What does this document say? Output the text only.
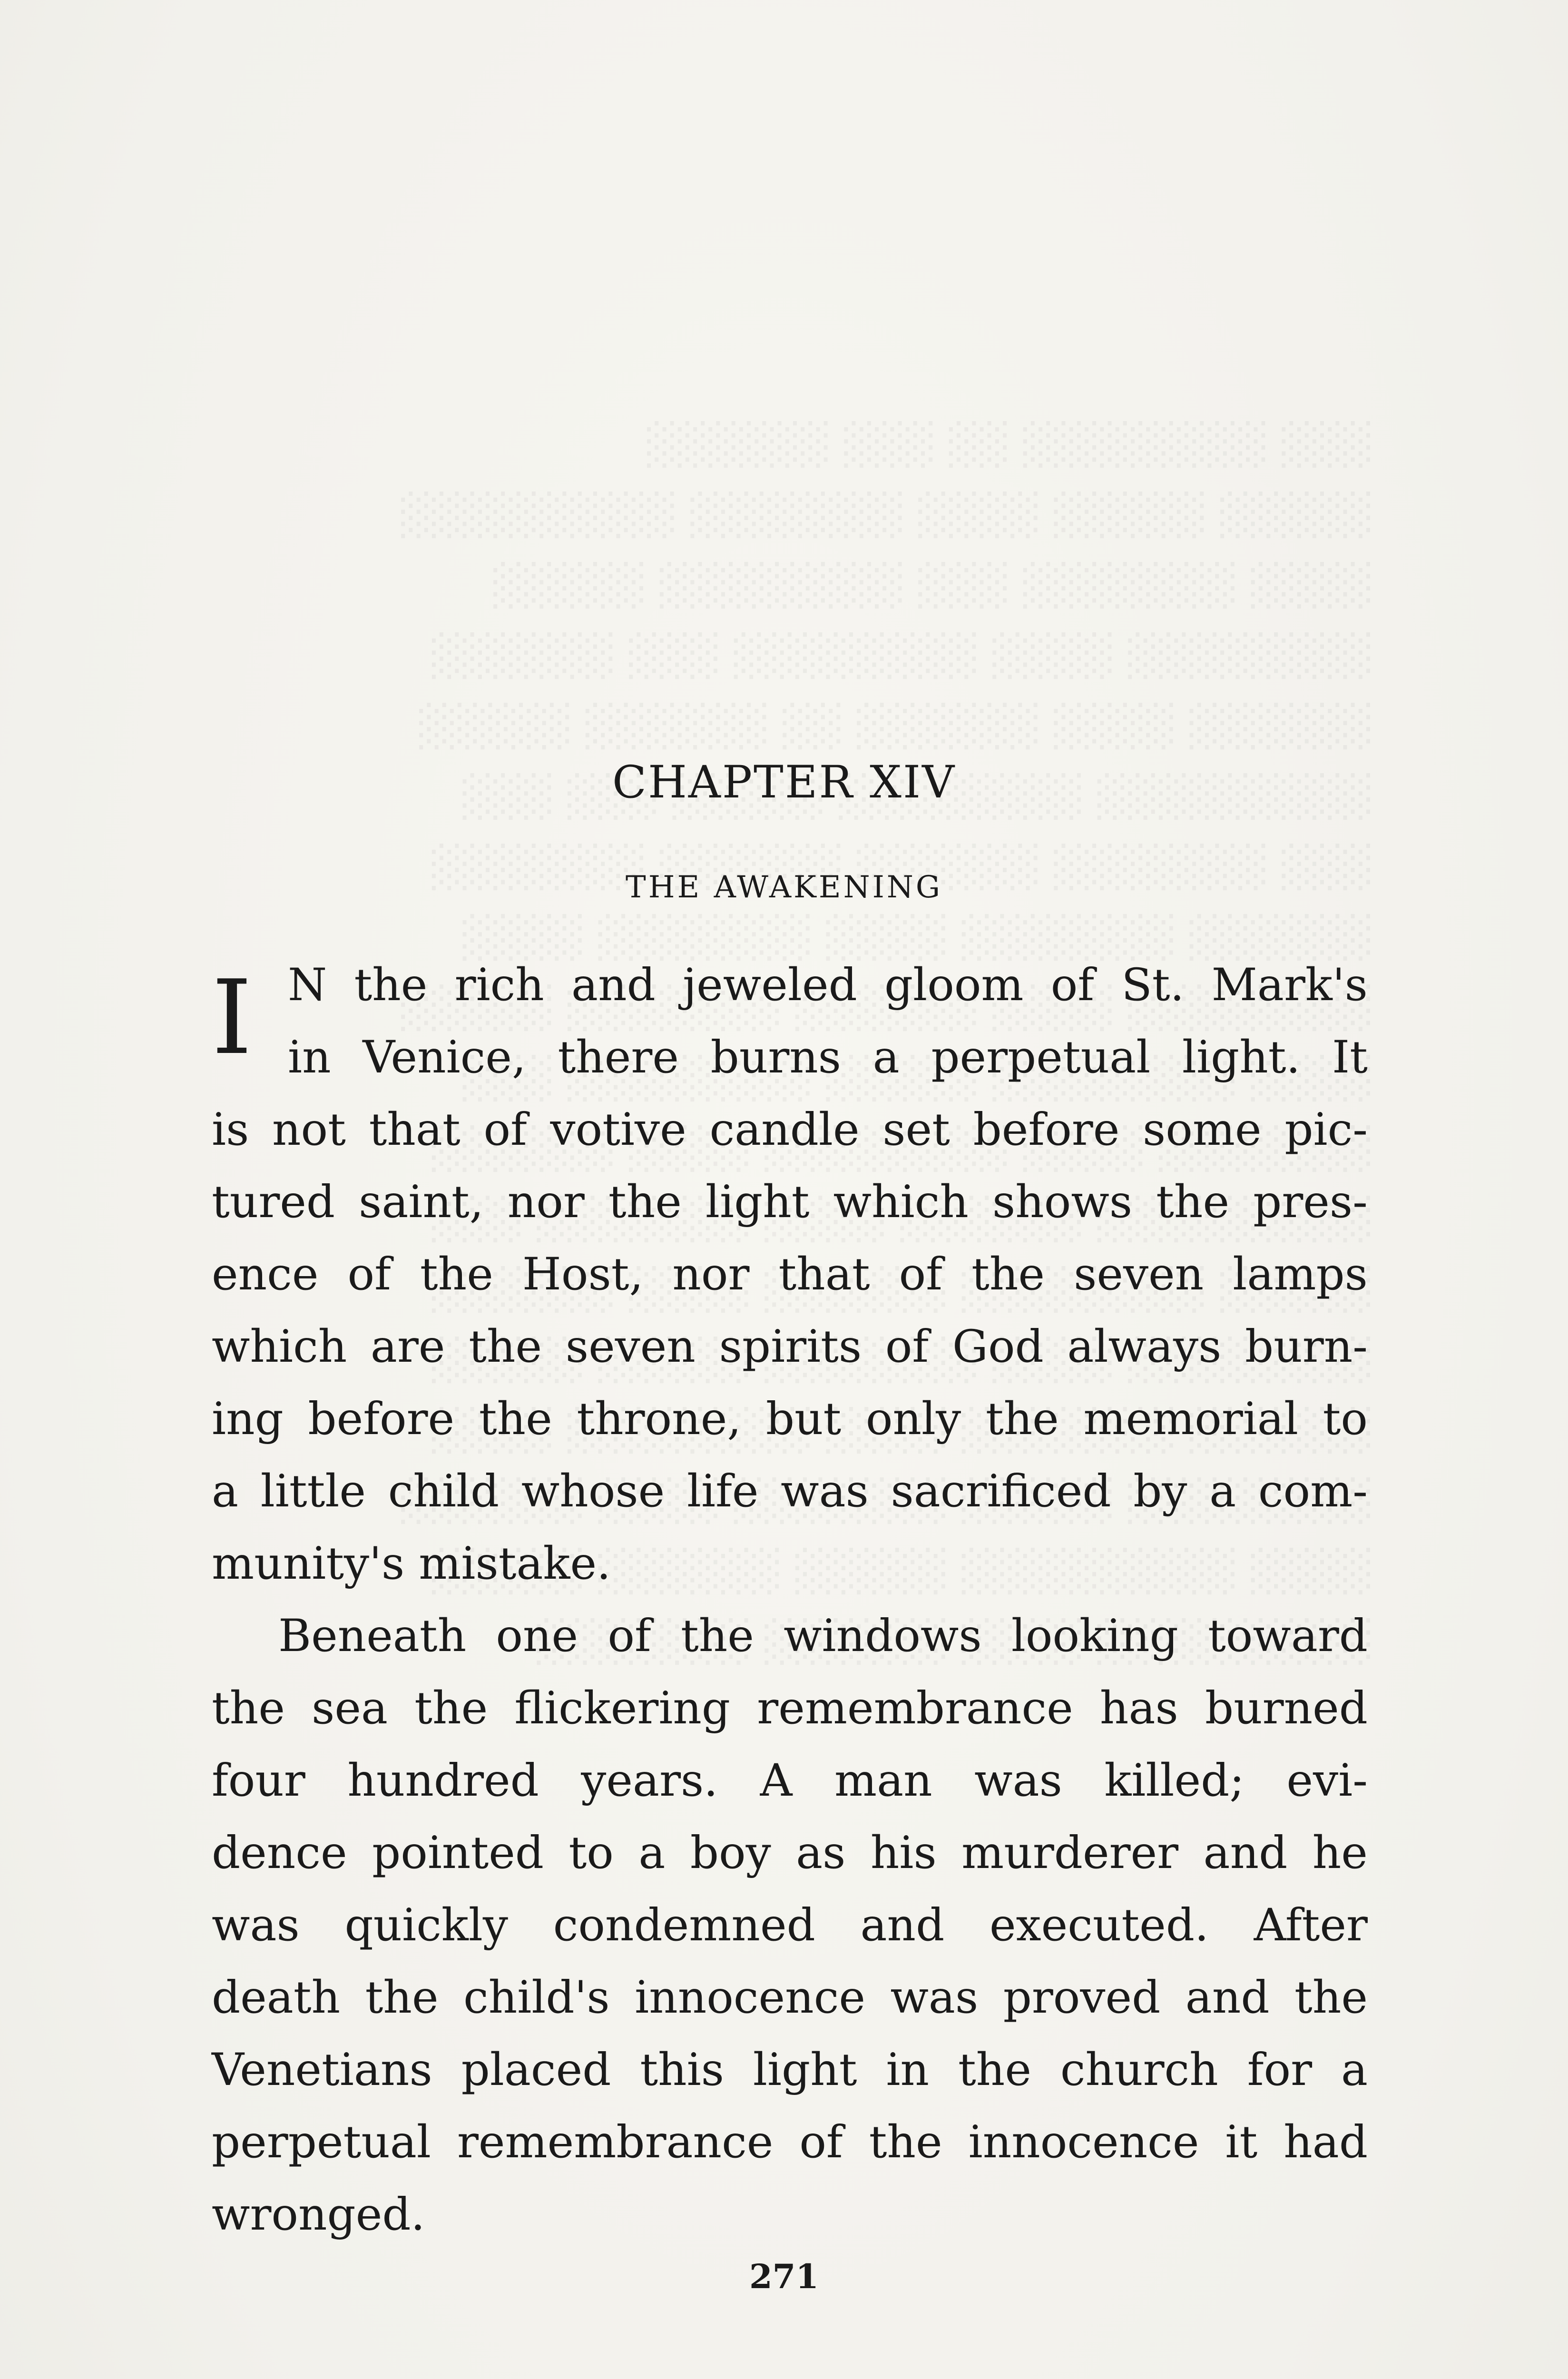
CHAPTER XIV
THE AWAKENING
I N the rich and jeweled gloom of St. Mark's
in Venice, there burns a perpetual light. It
is not that of votive candle set before some pic-
tured saint, nor the light which shows the pres-
ence of the Host, nor that of the seven lamps
which are the seven spirits of God always burn-
ing before the throne, but only the memorial to
a little child whose life was sacrificed by a com-
munity's mistake.
Beneath one of the windows looking toward
the sea the flickering remembrance has burned
four hundred years. A man was killed; evi-
dence pointed to a boy as his murderer and he
was quickly condemned and executed. After
death the child's innocence was proved and the
Venetians placed this light in the church for a
perpetual remembrance of the innocence it had
wronged.
271
